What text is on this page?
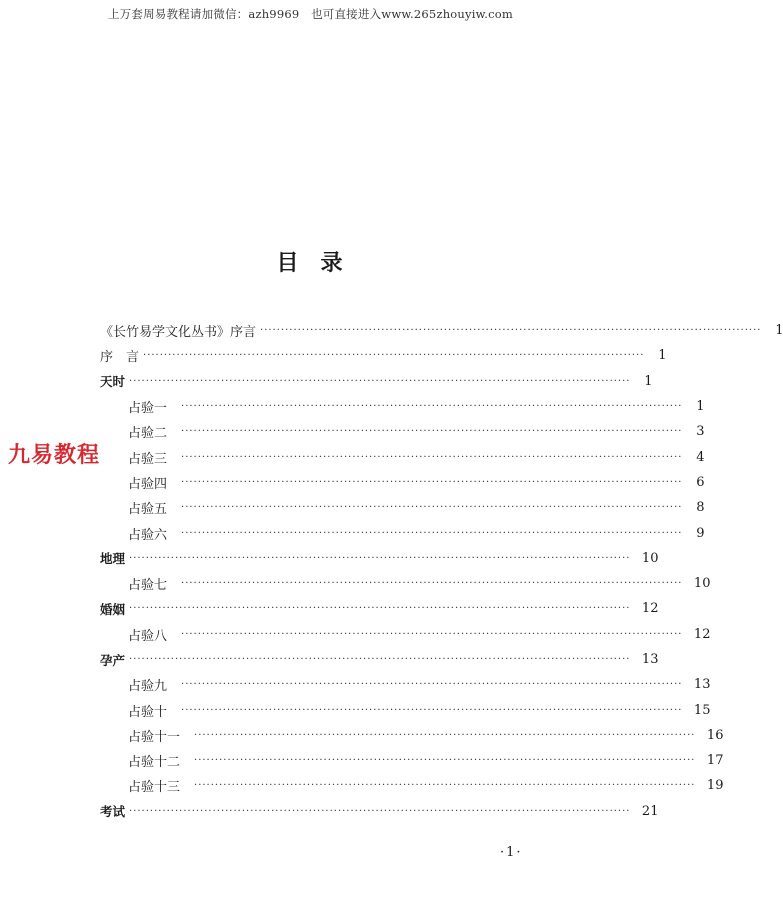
上万套周易教程请加微信：azh9969　也可直接进入www.265zhouyiw.com
目录
九易教程
《长竹易学文化丛书》序言 ························································································································	1
序　言 ························································································································	1
天时 ························································································································	1
占验一 ························································································································	1
占验二 ························································································································	3
占验三 ························································································································	4
占验四 ························································································································	6
占验五 ························································································································	8
占验六 ························································································································	9
地理 ························································································································ 10
占验七 ························································································································ 10
婚姻 ························································································································ 12
占验八 ························································································································ 12
孕产 ························································································································ 13
占验九 ························································································································ 13
占验十 ························································································································ 15
占验十一 ························································································································ 16
占验十二 ························································································································ 17
占验十三 ························································································································ 19
考试 ························································································································ 21
·1·
